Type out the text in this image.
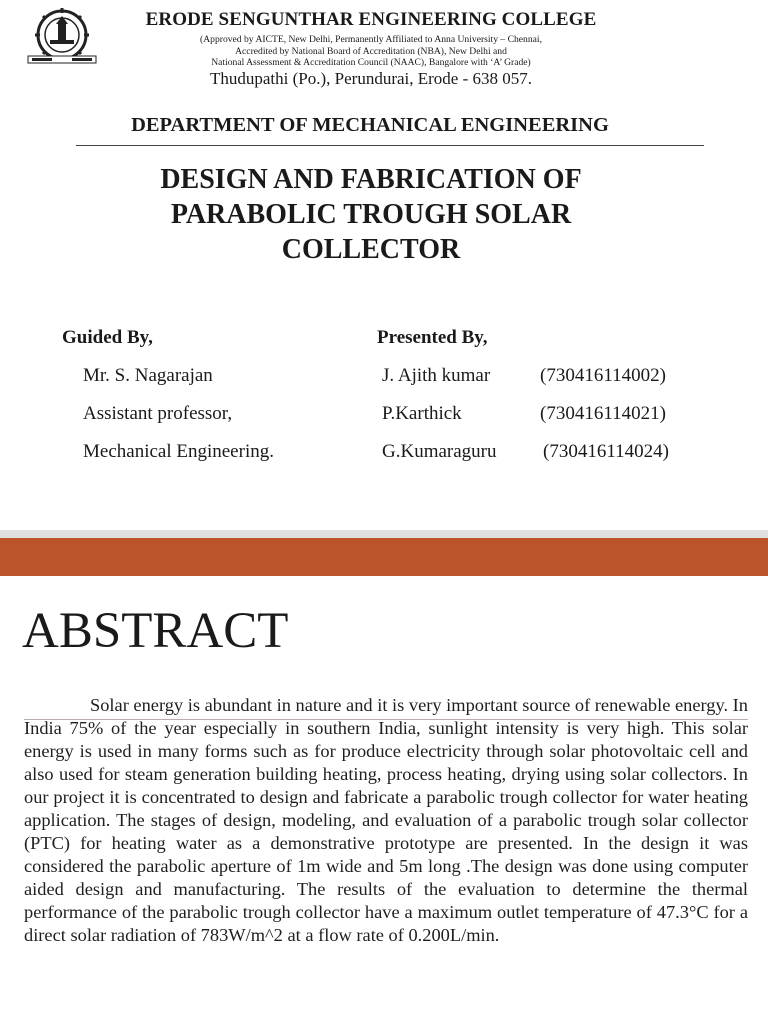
ERODE SENGUNTHAR ENGINEERING COLLEGE
(Approved by AICTE, New Delhi, Permanently Affiliated to Anna University – Chennai,
Accredited by National Board of Accreditation (NBA), New Delhi and
National Assessment & Accreditation Council (NAAC), Bangalore with ‘A’ Grade)
Thudupathi (Po.), Perundurai, Erode - 638 057.
DEPARTMENT OF MECHANICAL ENGINEERING
DESIGN AND FABRICATION OF
PARABOLIC TROUGH SOLAR
COLLECTOR
Guided By,
Mr. S. Nagarajan
Assistant professor,
Mechanical Engineering.
Presented By,
J. Ajith kumar	(730416114002)
P.Karthick	(730416114021)
G.Kumaraguru (730416114024)
ABSTRACT
Solar energy is abundant in nature and it is very important source of renewable energy. In India 75% of the year especially in southern India, sunlight intensity is very high. This solar energy is used in many forms such as for produce electricity through solar photovoltaic cell and also used for steam generation building heating, process heating, drying using solar collectors. In our project it is concentrated to design and fabricate a parabolic trough collector for water heating application. The stages of design, modeling, and evaluation of a parabolic trough solar collector (PTC) for heating water as a demonstrative prototype are presented. In the design it was considered the parabolic aperture of 1m wide and 5m long .The design was done using computer aided design and manufacturing. The results of the evaluation to determine the thermal performance of the parabolic trough collector have a maximum outlet temperature of 47.3°C for a direct solar radiation of 783W/m^2 at a flow rate of 0.200L/min.
